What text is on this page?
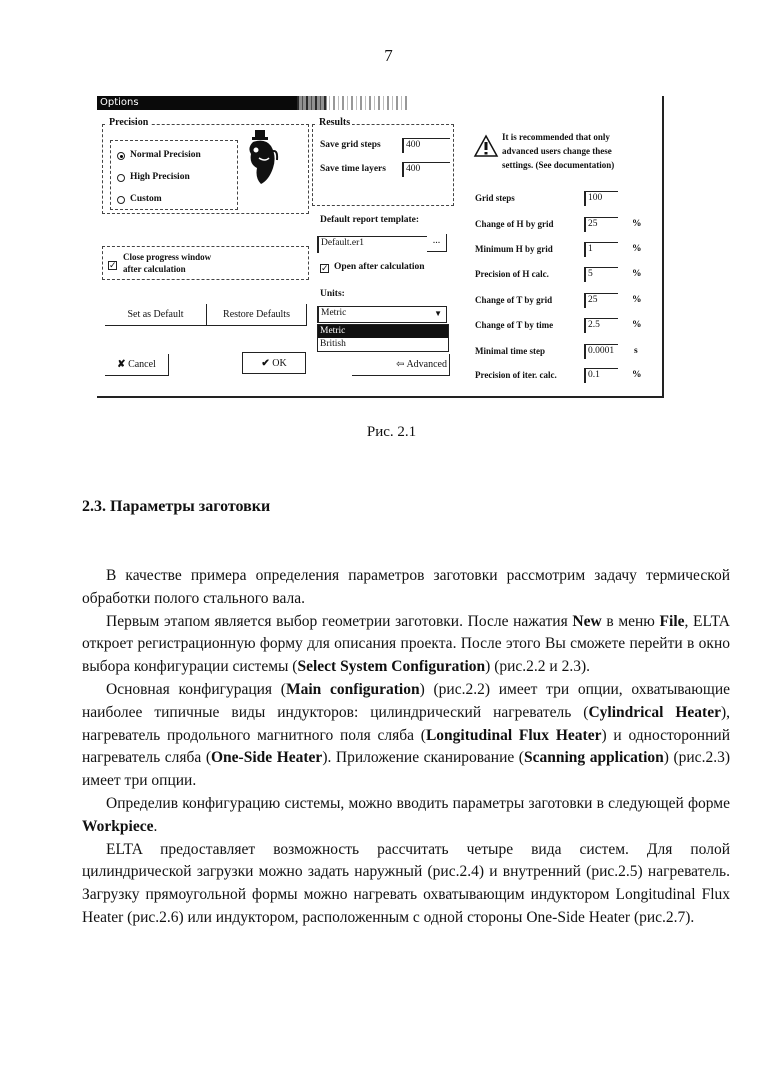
7
Options
Precision
Normal Precision
High Precision
Custom
✓
Close progress window
after calculation
Set as Default	Restore Defaults
✘ Cancel	✔ OK
Results
Save grid steps	400
Save time layers	400
Default report template:
Default.er1	...
✓ Open after calculation
Units:
Metric	▼
Metric
British
⇦ Advanced
It is recommended that only
advanced users change these
settings. (See documentation)
Grid steps	100
Change of H by grid	25	%
Minimum H by grid	1	%
Precision of H calc.	5	%
Change of T by grid	25	%
Change of T by time	2.5	%
Minimal time step	0.0001	s
Precision of iter. calc.	0.1	%
Рис. 2.1
2.3. Параметры заготовки

В качестве примера определения параметров заготовки рассмотрим задачу термической обработки полого стального вала.

Первым этапом является выбор геометрии заготовки. После нажатия New в меню File, ELTA откроет регистрационную форму для описания проекта. После этого Вы сможете перейти в окно выбора конфигурации системы (Select System Configuration) (рис.2.2 и 2.3).

Основная конфигурация (Main configuration) (рис.2.2) имеет три опции, охватывающие наиболее типичные виды индукторов: цилиндрический нагреватель (Cylindrical Heater), нагреватель продольного магнитного поля сляба (Longitudinal Flux Heater) и односторонний нагреватель сляба (One-Side Heater). Приложение сканирование (Scanning application) (рис.2.3) имеет три опции.

Определив конфигурацию системы, можно вводить параметры заготовки в следующей форме Workpiece.

ELTA предоставляет возможность рассчитать четыре вида систем. Для полой цилиндрической загрузки можно задать наружный (рис.2.4) и внутренний (рис.2.5) нагреватель. Загрузку прямоугольной формы можно нагревать охватывающим индуктором Longitudinal Flux Heater (рис.2.6) или индуктором, расположенным с одной стороны One-Side Heater (рис.2.7).
